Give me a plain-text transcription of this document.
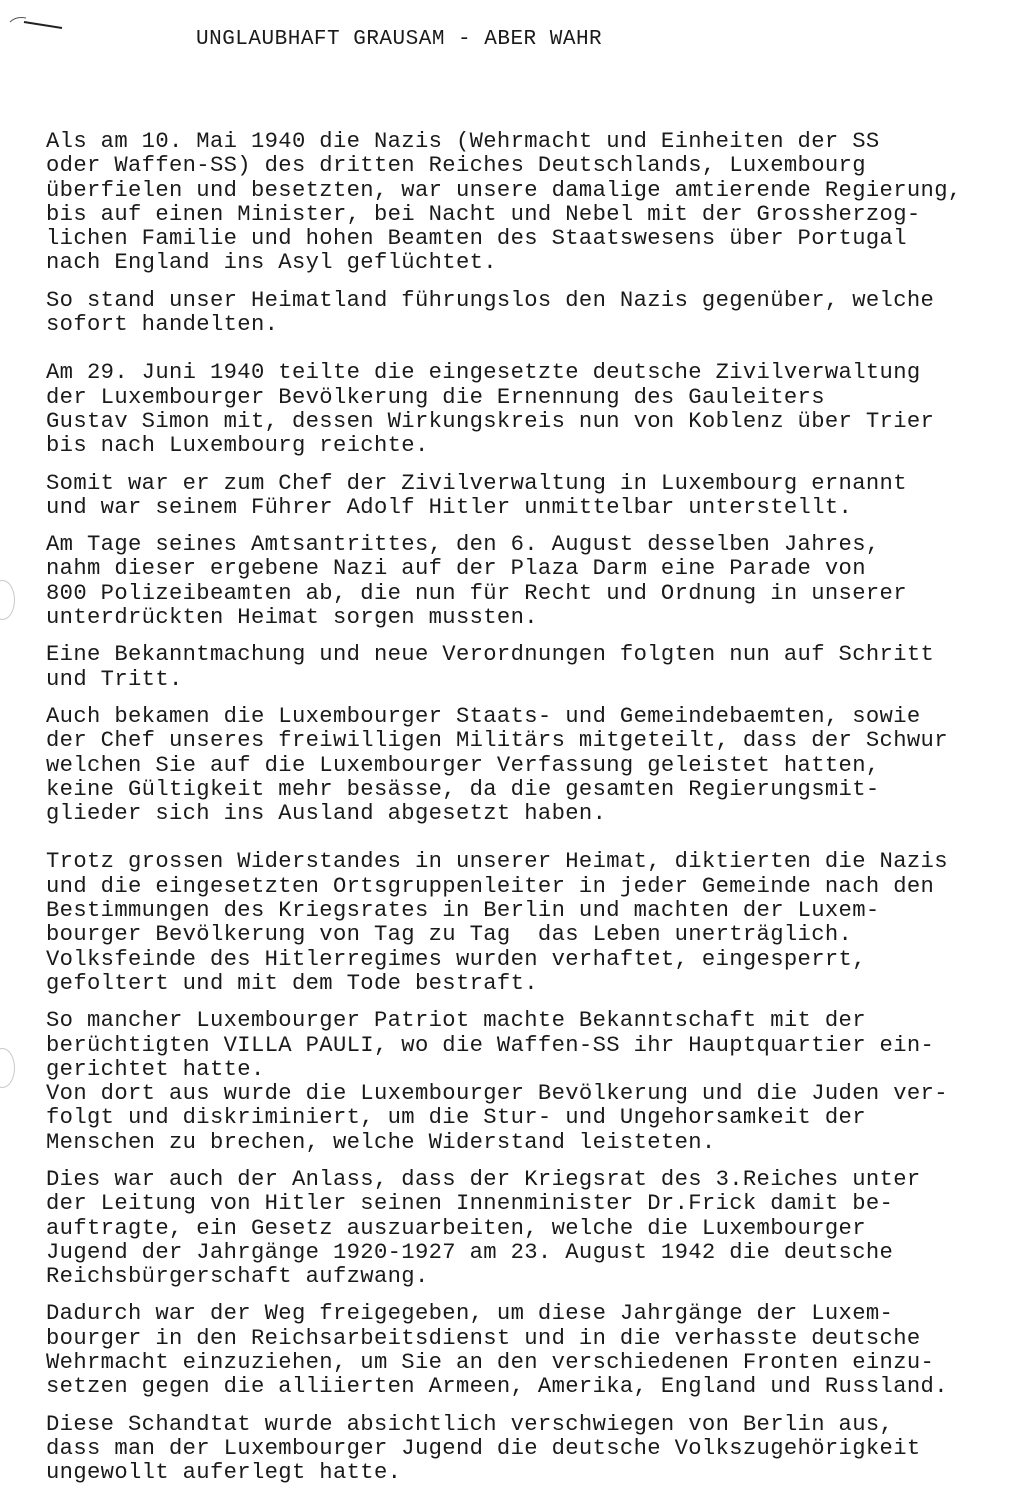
UNGLAUBHAFT GRAUSAM - ABER WAHR
Als am 10. Mai 1940 die Nazis (Wehrmacht und Einheiten der SS
oder Waffen-SS) des dritten Reiches Deutschlands, Luxembourg
überfielen und besetzten, war unsere damalige amtierende Regierung,
bis auf einen Minister, bei Nacht und Nebel mit der Grossherzog-
lichen Familie und hohen Beamten des Staatswesens über Portugal
nach England ins Asyl geflüchtet.
So stand unser Heimatland führungslos den Nazis gegenüber, welche
sofort handelten.
Am 29. Juni 1940 teilte die eingesetzte deutsche Zivilverwaltung
der Luxembourger Bevölkerung die Ernennung des Gauleiters
Gustav Simon mit, dessen Wirkungskreis nun von Koblenz über Trier
bis nach Luxembourg reichte.
Somit war er zum Chef der Zivilverwaltung in Luxembourg ernannt
und war seinem Führer Adolf Hitler unmittelbar unterstellt.
Am Tage seines Amtsantrittes, den 6. August desselben Jahres,
nahm dieser ergebene Nazi auf der Plaza Darm eine Parade von
800 Polizeibeamten ab, die nun für Recht und Ordnung in unserer
unterdrückten Heimat sorgen mussten.
Eine Bekanntmachung und neue Verordnungen folgten nun auf Schritt
und Tritt.
Auch bekamen die Luxembourger Staats- und Gemeindebaemten, sowie
der Chef unseres freiwilligen Militärs mitgeteilt, dass der Schwur
welchen Sie auf die Luxembourger Verfassung geleistet hatten,
keine Gültigkeit mehr besässe, da die gesamten Regierungsmit-
glieder sich ins Ausland abgesetzt haben.
Trotz grossen Widerstandes in unserer Heimat, diktierten die Nazis
und die eingesetzten Ortsgruppenleiter in jeder Gemeinde nach den
Bestimmungen des Kriegsrates in Berlin und machten der Luxem-
bourger Bevölkerung von Tag zu Tag  das Leben unerträglich.
Volksfeinde des Hitlerregimes wurden verhaftet, eingesperrt,
gefoltert und mit dem Tode bestraft.
So mancher Luxembourger Patriot machte Bekanntschaft mit der
berüchtigten VILLA PAULI, wo die Waffen-SS ihr Hauptquartier ein-
gerichtet hatte.
Von dort aus wurde die Luxembourger Bevölkerung und die Juden ver-
folgt und diskriminiert, um die Stur- und Ungehorsamkeit der
Menschen zu brechen, welche Widerstand leisteten.
Dies war auch der Anlass, dass der Kriegsrat des 3.Reiches unter
der Leitung von Hitler seinen Innenminister Dr.Frick damit be-
auftragte, ein Gesetz auszuarbeiten, welche die Luxembourger
Jugend der Jahrgänge 1920-1927 am 23. August 1942 die deutsche
Reichsbürgerschaft aufzwang.
Dadurch war der Weg freigegeben, um diese Jahrgänge der Luxem-
bourger in den Reichsarbeitsdienst und in die verhasste deutsche
Wehrmacht einzuziehen, um Sie an den verschiedenen Fronten einzu-
setzen gegen die alliierten Armeen, Amerika, England und Russland.
Diese Schandtat wurde absichtlich verschwiegen von Berlin aus,
dass man der Luxembourger Jugend die deutsche Volkszugehörigkeit
ungewollt auferlegt hatte.
